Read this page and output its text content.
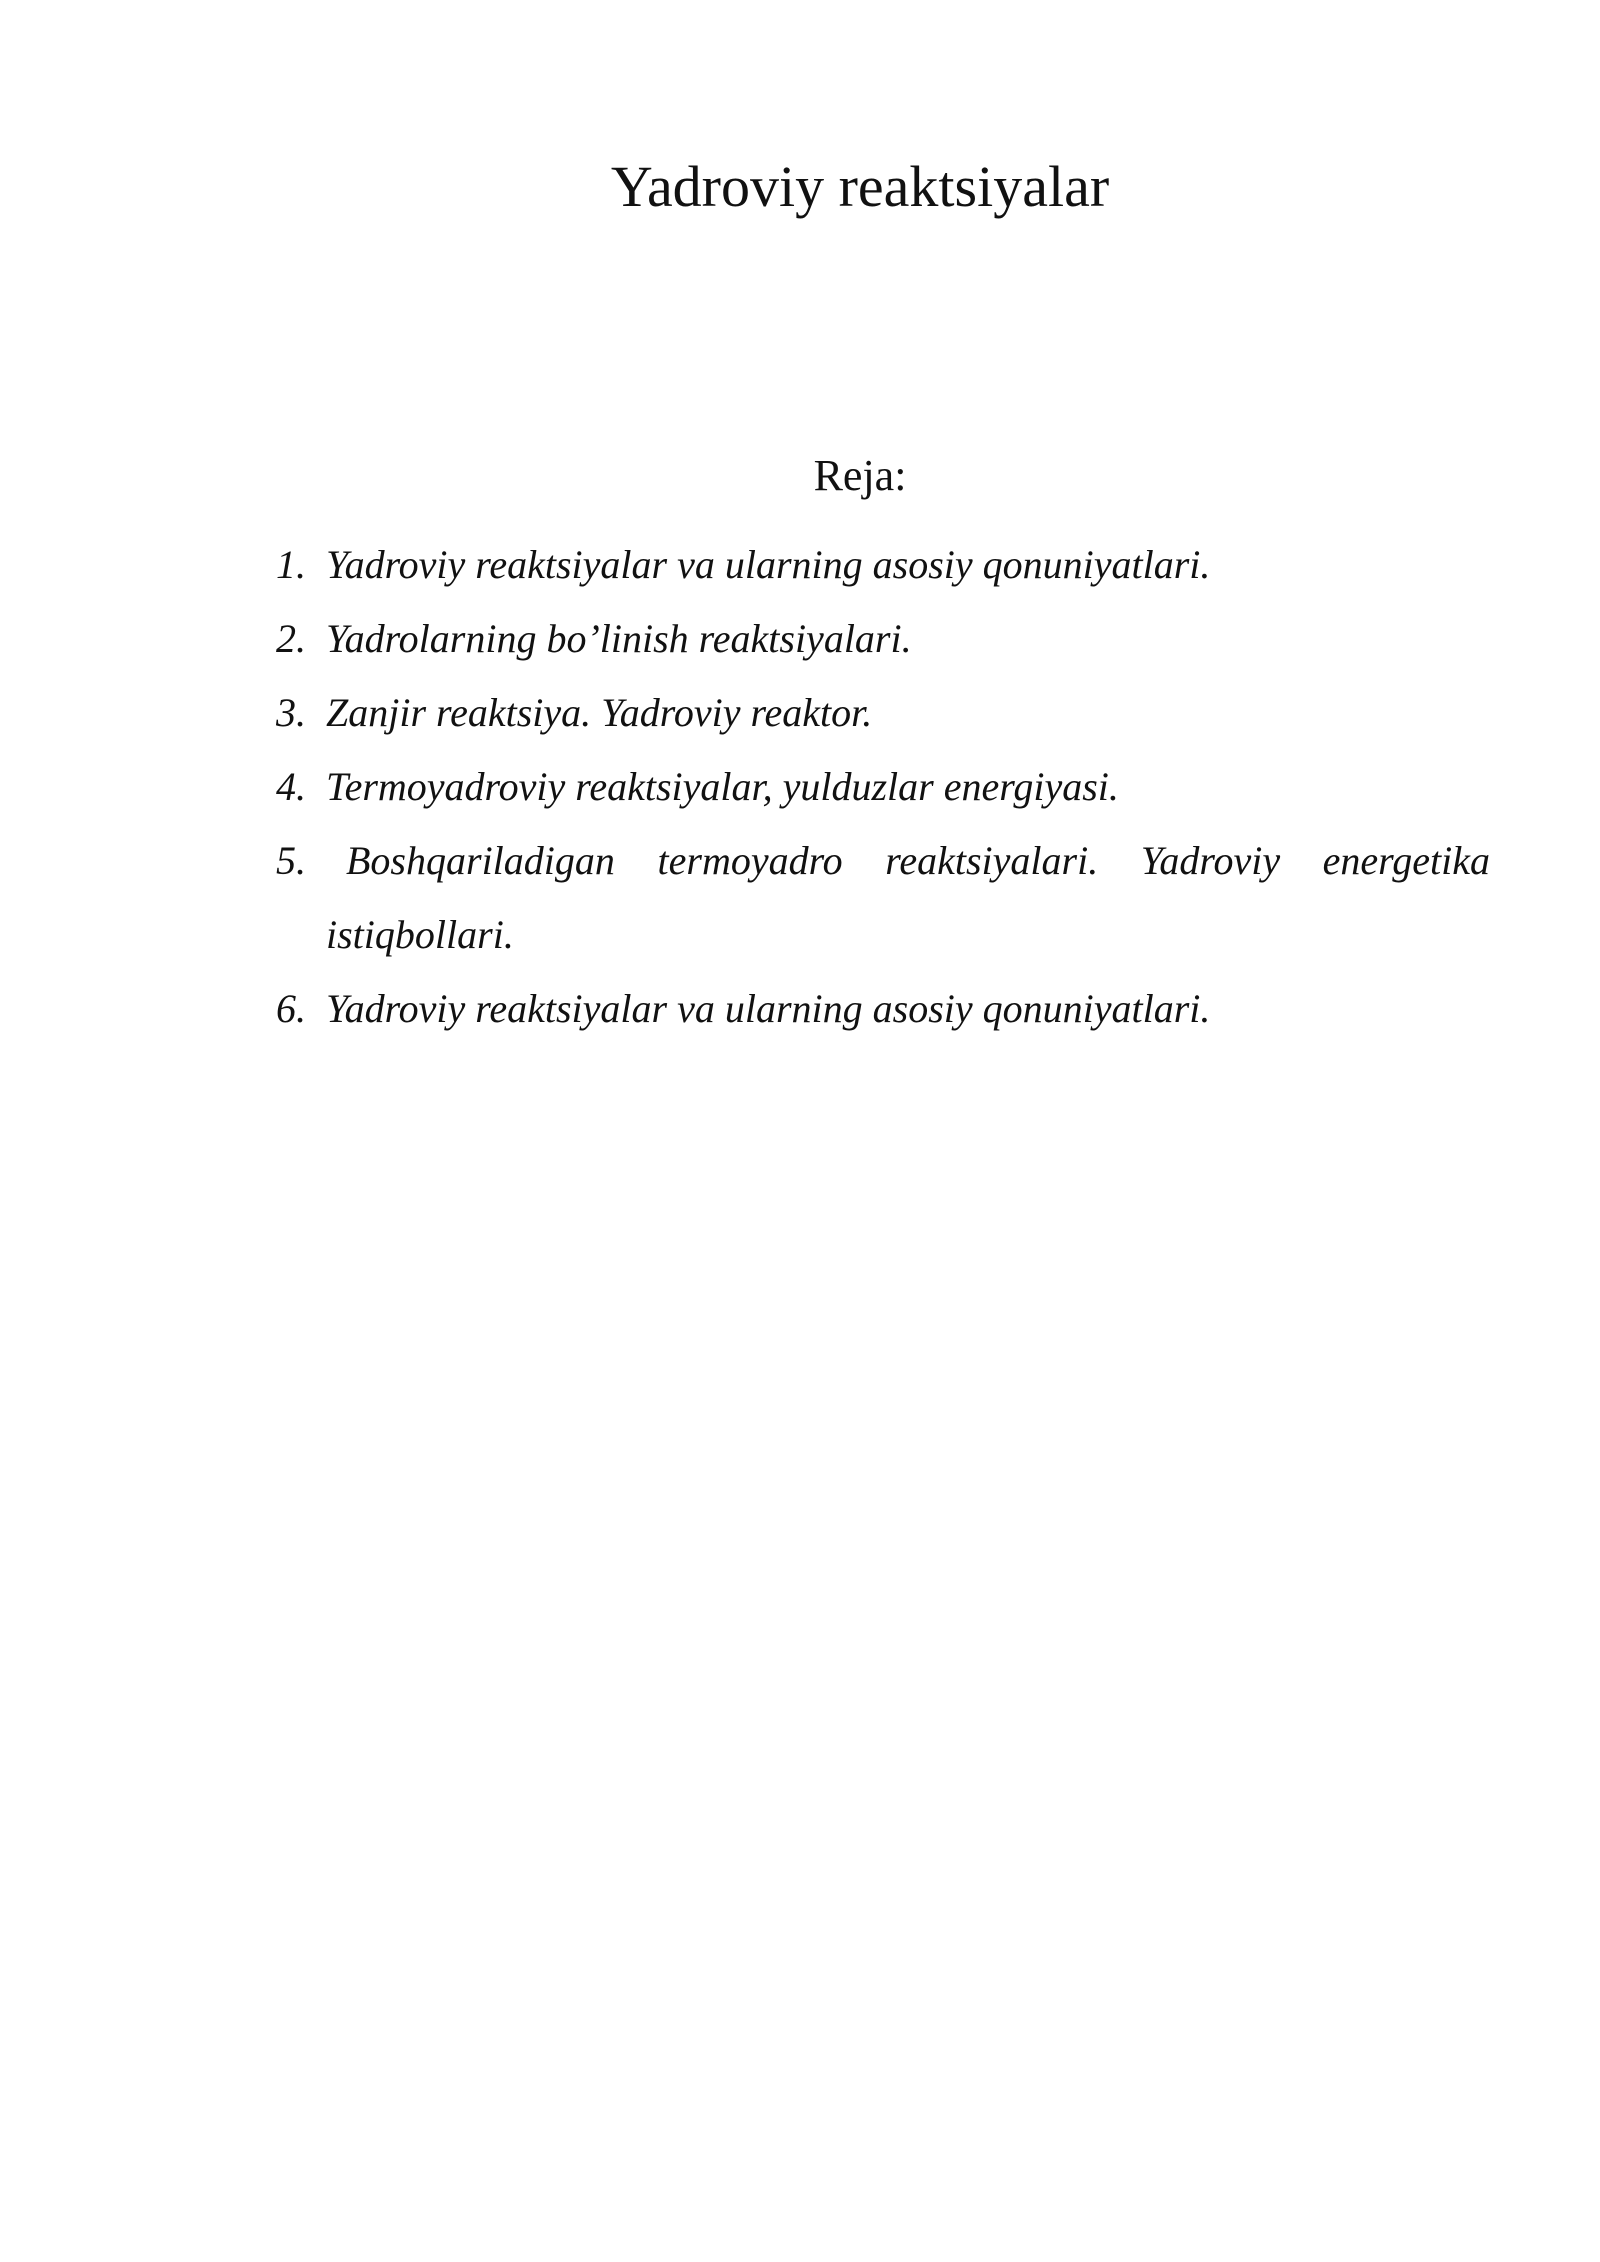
Yadroviy reaktsiyalar
Reja:
1. Yadroviy reaktsiyalar va ularning asosiy qonuniyatlari.
2. Yadrolarning bo’linish reaktsiyalari.
3. Zanjir reaktsiya. Yadroviy reaktor.
4. Termoyadroviy reaktsiyalar, yulduzlar energiyasi.
5.	Boshqariladigan termoyadro reaktsiyalari. Yadroviy energetika
istiqbollari.
6. Yadroviy reaktsiyalar va ularning asosiy qonuniyatlari.
